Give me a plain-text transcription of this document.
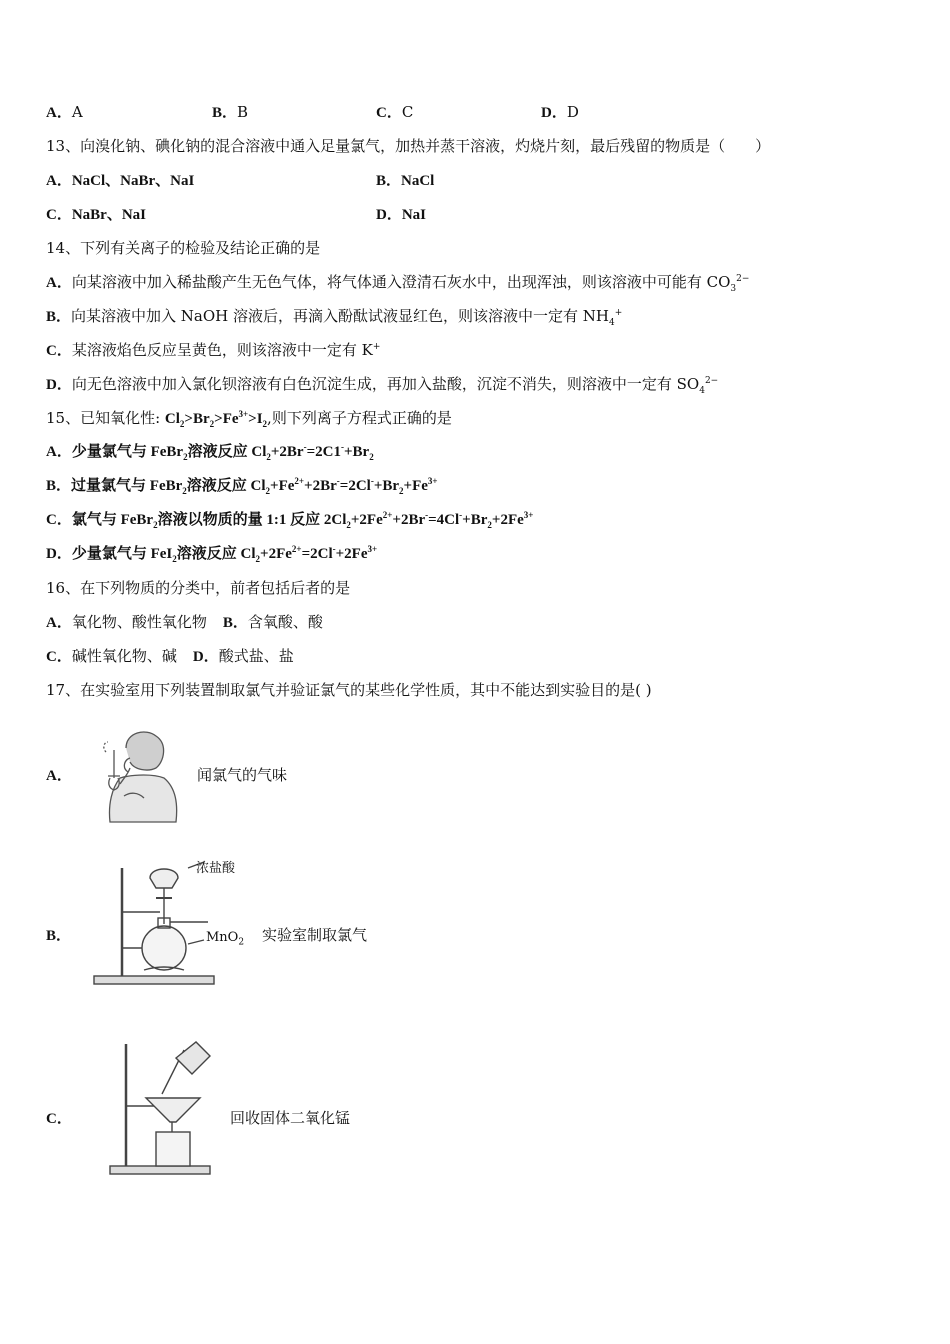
A．A	B．B	C．C	D．D
13、向溴化钠、碘化钠的混合溶液中通入足量氯气，加热并蒸干溶液，灼烧片刻，最后残留的物质是（　　）
A．NaCl、NaBr、NaI	B．NaCl
C．NaBr、NaI	D．NaI
14、下列有关离子的检验及结论正确的是
A．向某溶液中加入稀盐酸产生无色气体，将气体通入澄清石灰水中，出现浑浊，则该溶液中可能有 $CO_3^{2-}$
B．向某溶液中加入 NaOH 溶液后，再滴入酚酞试液显红色，则该溶液中一定有 $NH_4^+$
C．某溶液焰色反应呈黄色，则该溶液中一定有 K+
D．向无色溶液中加入氯化钡溶液有白色沉淀生成，再加入盐酸，沉淀不消失，则溶液中一定有 $SO_4^{2-}$
15、已知氧化性: $Cl_2>Br_2>Fe^{3+}>I_2$,则下列离子方程式正确的是
A．少量氯气与 FeBr$_2$溶液反应 $Cl_2+2Br^-=2C1^-+Br_2$
B．过量氯气与 FeBr$_2$溶液反应 $Cl_2+Fe^{2+}+2Br^-=2Cl^-+Br_2+Fe^{3+}$
C．氯气与 FeBr$_2$溶液以物质的量 1:1 反应 $2Cl_2+2Fe^{2+}+2Br^-=4Cl^-+Br_2+2Fe^{3+}$
D．少量氯气与 FeI$_2$溶液反应 $Cl_2+2Fe^{2+}=2Cl^-+2Fe^{3+}$
16、在下列物质的分类中，前者包括后者的是
A．氧化物、酸性氧化物 B．含氧酸、酸
C．碱性氧化物、碱 D．酸式盐、盐
17、在实验室用下列装置制取氯气并验证氯气的某些化学性质，其中不能达到实验目的是( )
A．	闻氯气的气味
B．
浓盐酸
MnO$_2$ 实验室制取氯气
C．	回收固体二氧化锰
